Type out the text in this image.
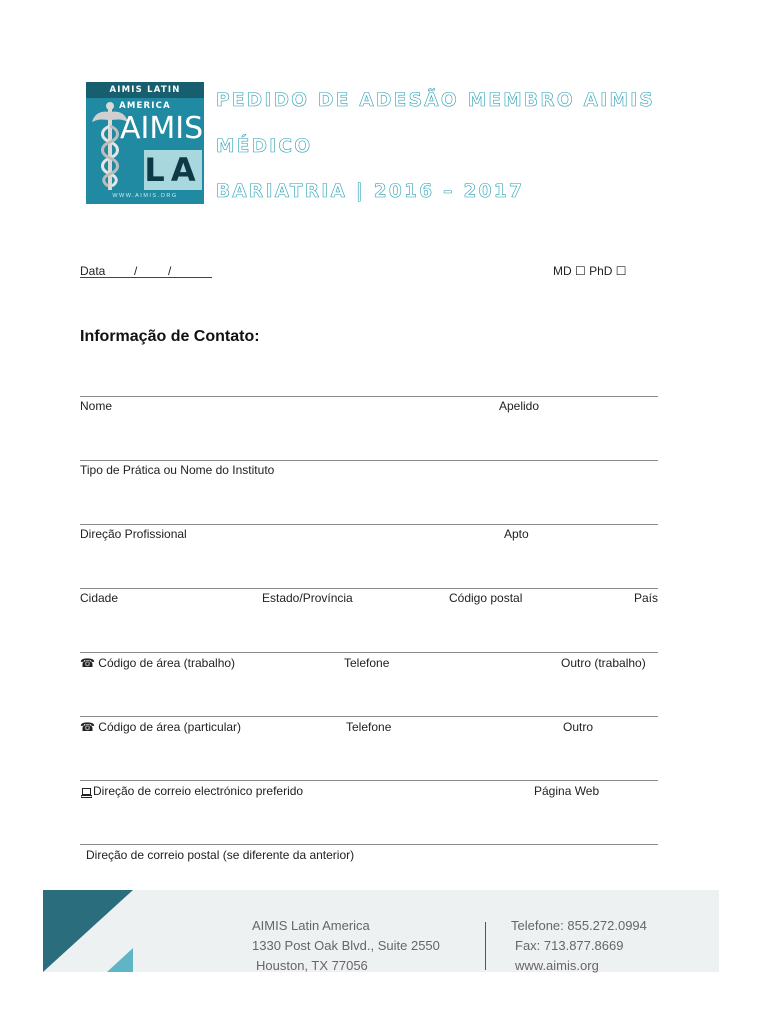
AIMIS LATIN AMERICA
AIMIS
LA
WWW.AIMIS.ORG
PEDIDO DE ADESÃO MEMBRO AIMIS
MÉDICO
BARIATRIA | 2016 – 2017
Data /	/	MD ☐ PhD ☐
Informação de Contato:
Nome	Apelido
Tipo de Prática ou Nome do Instituto
Direção Profissional	Apto
Cidade	Estado/Província	Código postal	País
☎ Código de área (trabalho)	Telefone	Outro (trabalho)
☎ Código de área (particular)	Telefone	Outro
Direção de correio electrónico preferido	Página Web
Direção de correio postal (se diferente da anterior)
AIMIS Latin America
1330 Post Oak Blvd., Suite 2550
Houston, TX 77056
Telefone: 855.272.0994
Fax: 713.877.8669
www.aimis.org
